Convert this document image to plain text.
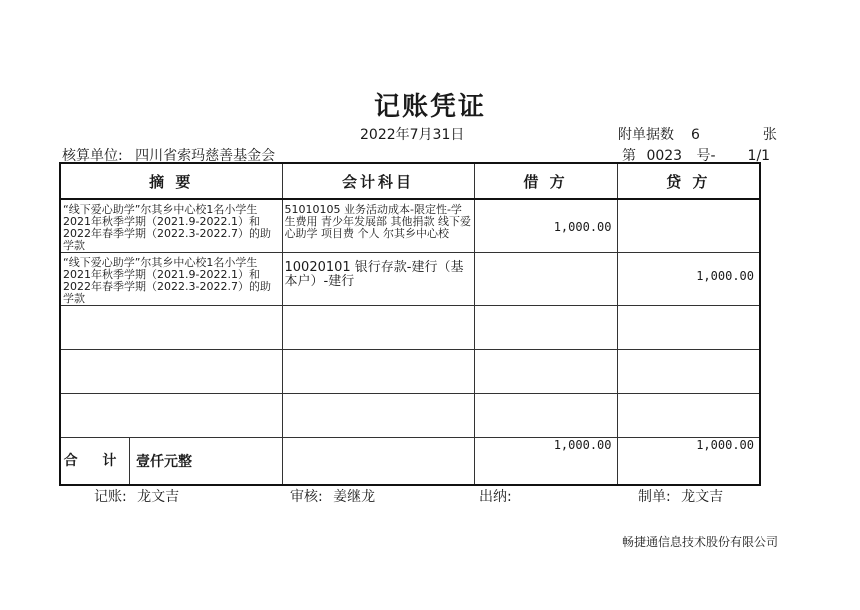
记账凭证
2022年7月31日	附单据数 6	张
核算单位: 四川省索玛慈善基金会	第 0023 号- 1/1
摘 要	会计科目	借 方	贷 方
“线下爱心助学”尔其乡中心校1名小学生2021年秋季学期（2021.9-2022.1）和2022年春季学期（2022.3-2022.7）的助学款	51010105 业务活动成本-限定性-学生费用 青少年发展部 其他捐款 线下爱心助学 项目费 个人 尔其乡中心校	1,000.00	
“线下爱心助学”尔其乡中心校1名小学生2021年秋季学期（2021.9-2022.1）和2022年春季学期（2022.3-2022.7）的助学款	10020101 银行存款-建行（基本户）-建行		1,000.00

合 计 壹仟元整		1,000.00	1,000.00
记账: 龙文吉	审核: 姜继龙	出纳:	制单: 龙文吉
畅捷通信息技术股份有限公司
